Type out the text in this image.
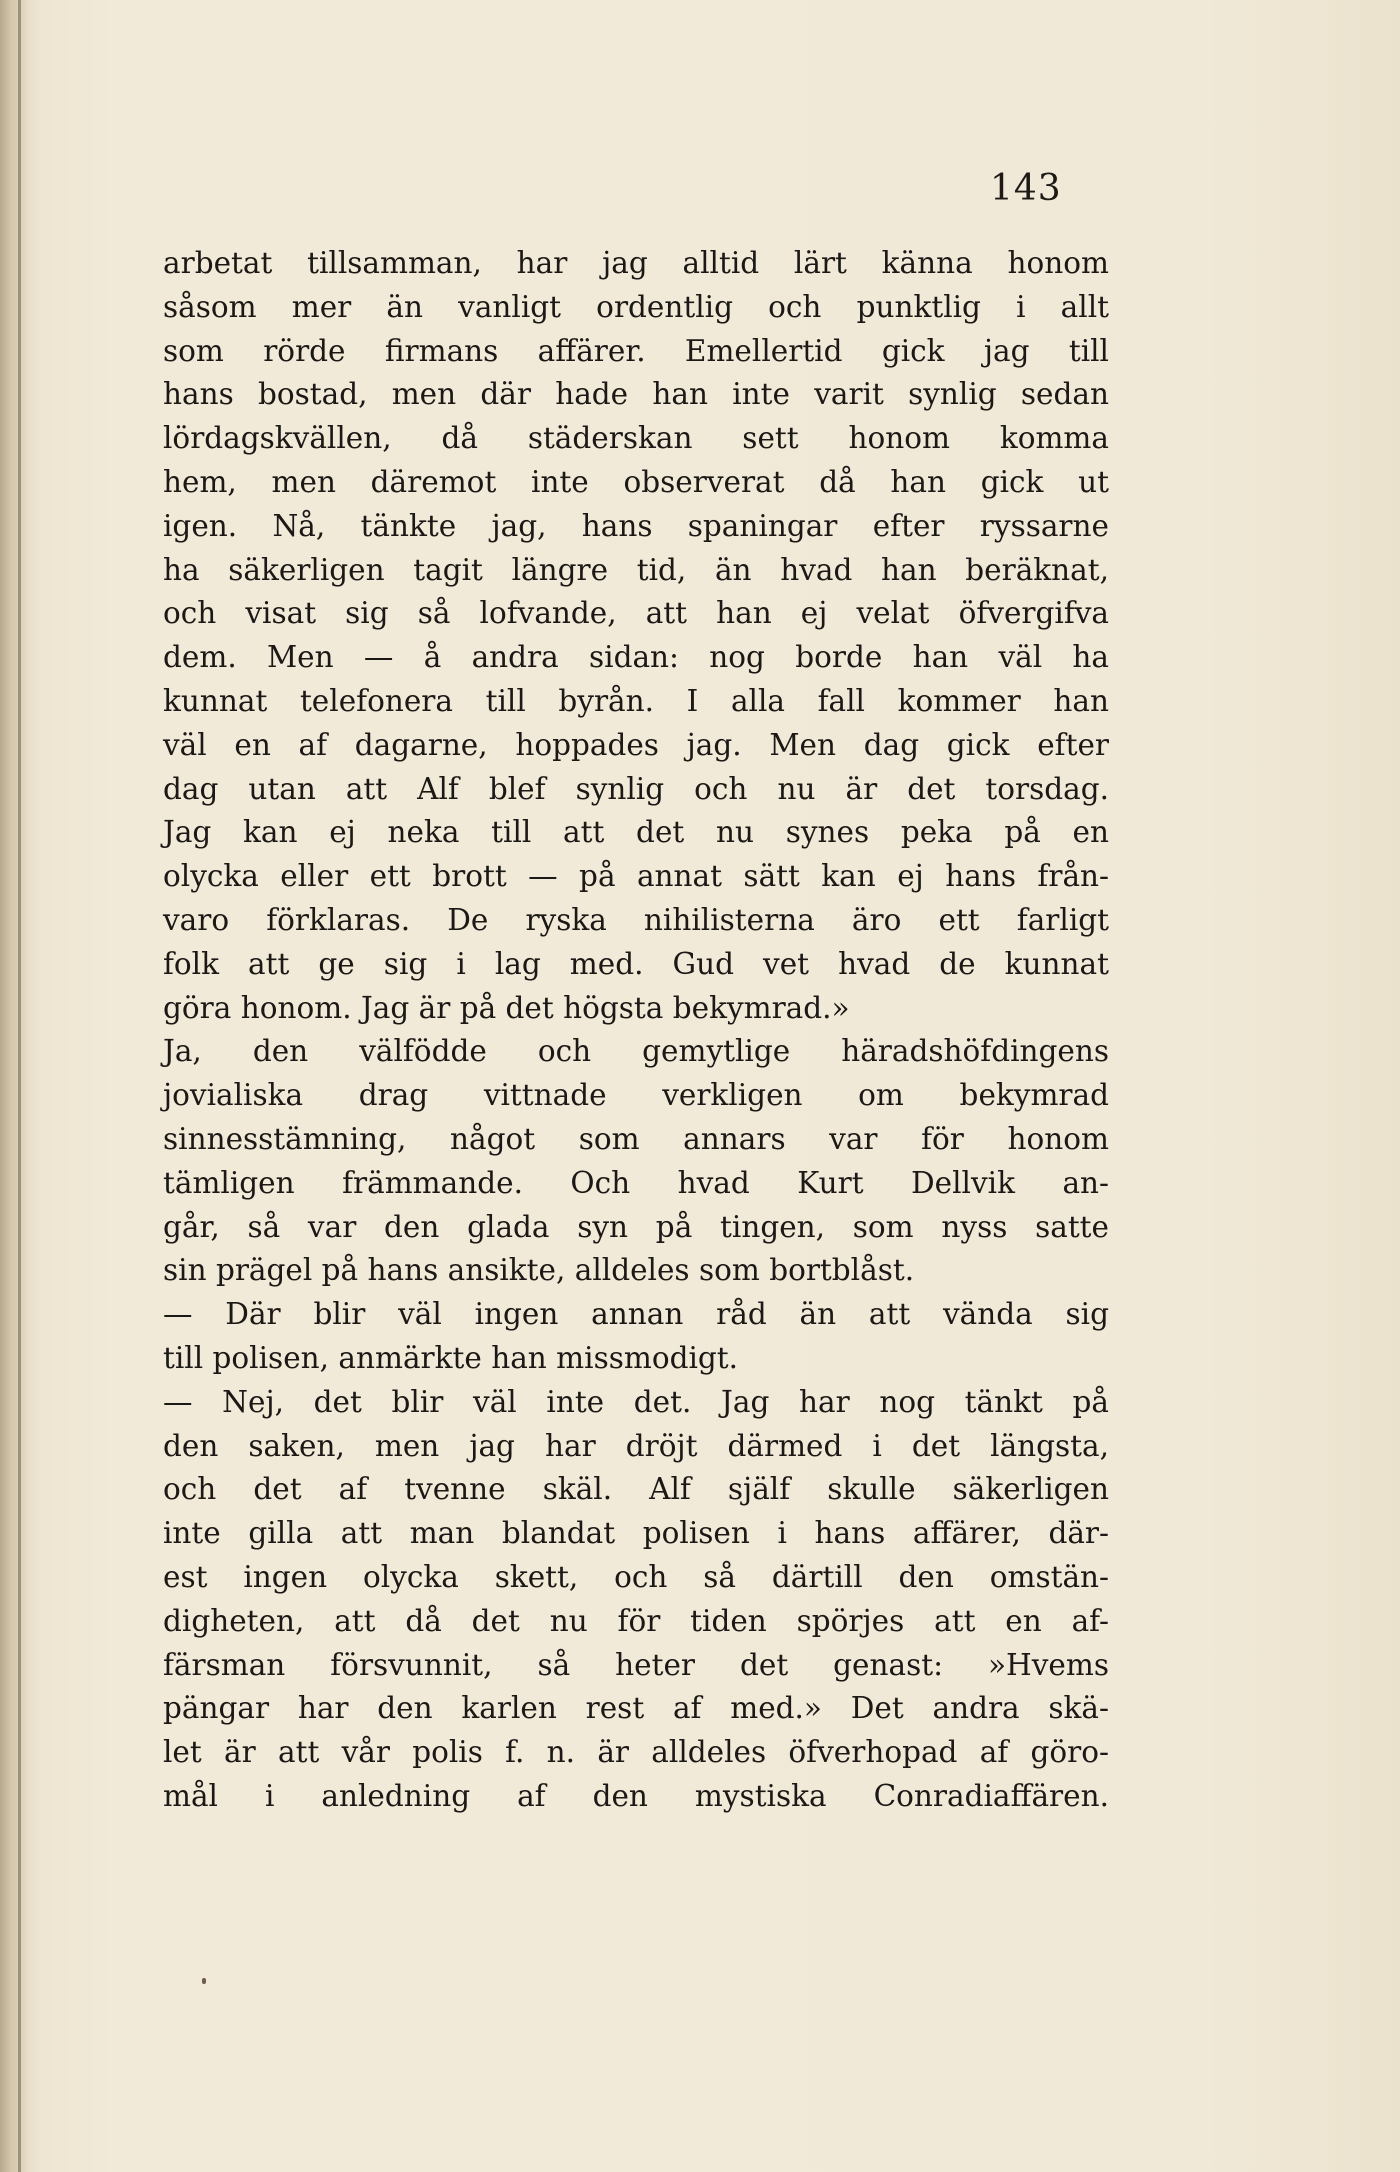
143
arbetat tillsamman, har jag alltid lärt känna honom
såsom mer än vanligt ordentlig och punktlig i allt
som rörde firmans affärer. Emellertid gick jag till
hans bostad, men där hade han inte varit synlig sedan
lördagskvällen, då städerskan sett honom komma
hem, men däremot inte observerat då han gick ut
igen. Nå, tänkte jag, hans spaningar efter ryssarne
ha säkerligen tagit längre tid, än hvad han beräknat,
och visat sig så lofvande, att han ej velat öfvergifva
dem. Men — å andra sidan: nog borde han väl ha
kunnat telefonera till byrån. I alla fall kommer han
väl en af dagarne, hoppades jag. Men dag gick efter
dag utan att Alf blef synlig och nu är det torsdag.
Jag kan ej neka till att det nu synes peka på en
olycka eller ett brott — på annat sätt kan ej hans från-
varo förklaras. De ryska nihilisterna äro ett farligt
folk att ge sig i lag med. Gud vet hvad de kunnat
göra honom. Jag är på det högsta bekymrad.»
Ja, den välfödde och gemytlige häradshöfdingens
jovialiska drag vittnade verkligen om bekymrad
sinnesstämning, något som annars var för honom
tämligen främmande. Och hvad Kurt Dellvik an-
går, så var den glada syn på tingen, som nyss satte
sin prägel på hans ansikte, alldeles som bortblåst.
— Där blir väl ingen annan råd än att vända sig
till polisen, anmärkte han missmodigt.
— Nej, det blir väl inte det. Jag har nog tänkt på
den saken, men jag har dröjt därmed i det längsta,
och det af tvenne skäl. Alf själf skulle säkerligen
inte gilla att man blandat polisen i hans affärer, där-
est ingen olycka skett, och så därtill den omstän-
digheten, att då det nu för tiden spörjes att en af-
färsman försvunnit, så heter det genast: »Hvems
pängar har den karlen rest af med.» Det andra skä-
let är att vår polis f. n. är alldeles öfverhopad af göro-
mål i anledning af den mystiska Conradiaffären.
